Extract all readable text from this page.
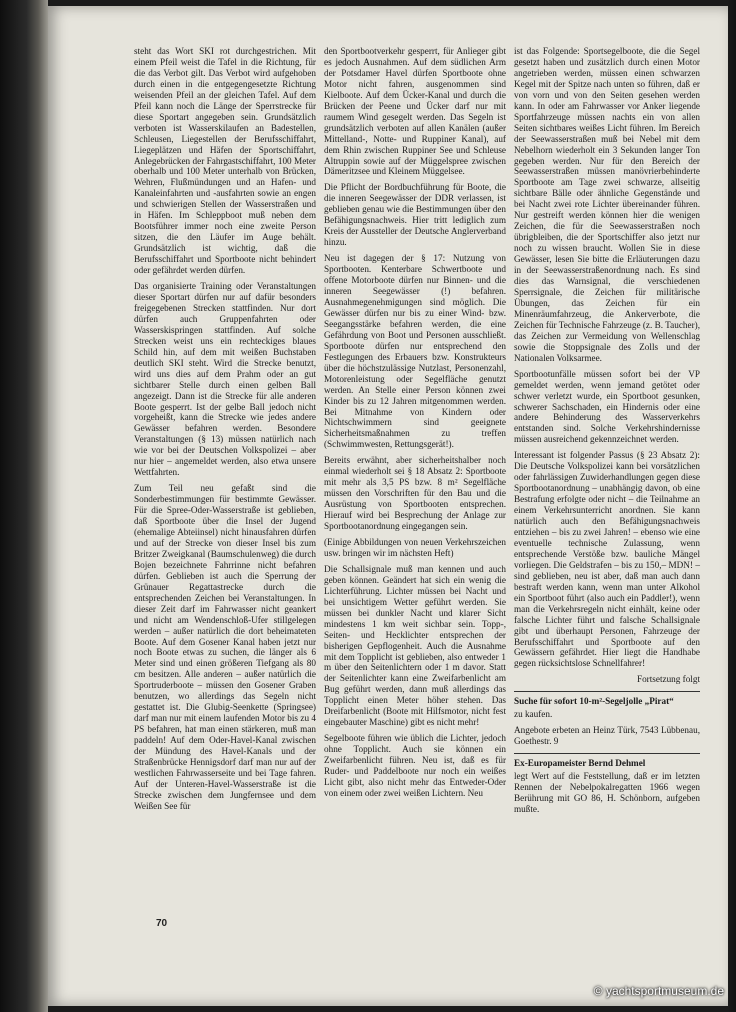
steht das Wort SKI rot durchgestrichen. Mit einem Pfeil weist die Tafel in die Richtung, für die das Verbot gilt. Das Verbot wird aufgehoben durch einen in die entgegengesetzte Richtung weisenden Pfeil an der gleichen Tafel. Auf dem Pfeil kann noch die Länge der Sperrstrecke für diese Sportart angegeben sein. Grundsätzlich verboten ist Wasserskilaufen an Badestellen, Schleusen, Liegestellen der Berufsschiffahrt, Liegeplätzen und Häfen der Sportschiffahrt, Anlegebrücken der Fahrgastschiffahrt, 100 Meter oberhalb und 100 Meter unterhalb von Brücken, Wehren, Flußmündungen und an Hafen- und Kanaleinfahrten und -ausfahrten sowie an engen und schwierigen Stellen der Wasserstraßen und in Häfen. Im Schleppboot muß neben dem Bootsführer immer noch eine zweite Person sitzen, die den Läufer im Auge behält. Grundsätzlich ist wichtig, daß die Berufsschiffahrt und Sportboote nicht behindert oder gefährdet werden dürfen.

Das organisierte Training oder Veranstaltungen dieser Sportart dürfen nur auf dafür besonders freigegebenen Strecken stattfinden. Nur dort dürfen auch Gruppenfahrten oder Wasserskispringen stattfinden. Auf solche Strecken weist uns ein rechteckiges blaues Schild hin, auf dem mit weißen Buchstaben deutlich SKI steht. Wird die Strecke benutzt, wird uns dies auf dem Prahm oder an gut sichtbarer Stelle durch einen gelben Ball angezeigt. Dann ist die Strecke für alle anderen Boote gesperrt. Ist der gelbe Ball jedoch nicht vorgeheißt, kann die Strecke wie jedes andere Gewässer befahren werden. Besondere Veranstaltungen (§ 13) müssen natürlich nach wie vor bei der Deutschen Volkspolizei – aber nur hier – angemeldet werden, also etwa unsere Wettfahrten.

Zum Teil neu gefaßt sind die Sonderbestimmungen für bestimmte Gewässer. Für die Spree-Oder-Wasserstraße ist geblieben, daß Sportboote über die Insel der Jugend (ehemalige Abteiinsel) nicht hinausfahren dürfen und auf der Strecke von dieser Insel bis zum Britzer Zweigkanal (Baumschulenweg) die durch Bojen bezeichnete Fahrrinne nicht befahren dürfen. Geblieben ist auch die Sperrung der Grünauer Regattastrecke durch die entsprechenden Zeichen bei Veranstaltungen. In dieser Zeit darf im Fahrwasser nicht geankert und nicht am Wendenschloß-Ufer stillgelegen werden – außer natürlich die dort beheimateten Boote. Auf dem Gosener Kanal haben jetzt nur noch Boote etwas zu suchen, die länger als 6 Meter sind und einen größeren Tiefgang als 80 cm besitzen. Alle anderen – außer natürlich die Sportruderboote – müssen den Gosener Graben benutzen, wo allerdings das Segeln nicht gestattet ist. Die Glubig-Seenkette (Springsee) darf man nur mit einem laufenden Motor bis zu 4 PS befahren, hat man einen stärkeren, muß man paddeln! Auf dem Oder-Havel-Kanal zwischen der Mündung des Havel-Kanals und der Straßenbrücke Hennigsdorf darf man nur auf der westlichen Fahrwasserseite und bei Tage fahren. Auf der Unteren-Havel-Wasserstraße ist die Strecke zwischen dem Jungfernsee und dem Weißen See für

den Sportbootverkehr gesperrt, für Anlieger gibt es jedoch Ausnahmen. Auf dem südlichen Arm der Potsdamer Havel dürfen Sportboote ohne Motor nicht fahren, ausgenommen sind Kielboote. Auf dem Ücker-Kanal und durch die Brücken der Peene und Ücker darf nur mit raumem Wind gesegelt werden. Das Segeln ist grundsätzlich verboten auf allen Kanälen (außer Mittelland-, Notte- und Ruppiner Kanal), auf dem Rhin zwischen Ruppiner See und Schleuse Altruppin sowie auf der Müggelspree zwischen Dämeritzsee und Kleinem Müggelsee.

Die Pflicht der Bordbuchführung für Boote, die die inneren Seegewässer der DDR verlassen, ist geblieben genau wie die Bestimmungen über den Befähigungsnachweis. Hier tritt lediglich zum Kreis der Aussteller der Deutsche Anglerverband hinzu.

Neu ist dagegen der § 17: Nutzung von Sportbooten. Kenterbare Schwertboote und offene Motorboote dürfen nur Binnen- und die inneren Seegewässer (!) befahren. Ausnahmegenehmigungen sind möglich. Die Gewässer dürfen nur bis zu einer Wind- bzw. Seegangsstärke befahren werden, die eine Gefährdung von Boot und Personen ausschließt. Sportboote dürfen nur entsprechend den Festlegungen des Erbauers bzw. Konstrukteurs über die höchstzulässige Nutzlast, Personenzahl, Motorenleistung oder Segelfläche genutzt werden. An Stelle einer Person können zwei Kinder bis zu 12 Jahren mitgenommen werden. Bei Mitnahme von Kindern oder Nichtschwimmern sind geeignete Sicherheitsmaßnahmen zu treffen (Schwimmwesten, Rettungsgerät!).

Bereits erwähnt, aber sicherheitshalber noch einmal wiederholt sei § 18 Absatz 2: Sportboote mit mehr als 3,5 PS bzw. 8 m² Segelfläche müssen den Vorschriften für den Bau und die Ausrüstung von Sportbooten entsprechen. Hierauf wird bei Besprechung der Anlage zur Sportbootanordnung eingegangen sein.

(Einige Abbildungen von neuen Verkehrszeichen usw. bringen wir im nächsten Heft)

Die Schallsignale muß man kennen und auch geben können. Geändert hat sich ein wenig die Lichterführung. Lichter müssen bei Nacht und bei unsichtigem Wetter geführt werden. Sie müssen bei dunkler Nacht und klarer Sicht mindestens 1 km weit sichbar sein. Topp-, Seiten- und Hecklichter entsprechen der bisherigen Gepflogenheit. Auch die Ausnahme mit dem Topplicht ist geblieben, also entweder 1 m über den Seitenlichtern oder 1 m davor. Statt der Seitenlichter kann eine Zweifarbenlicht am Bug geführt werden, dann muß allerdings das Topplicht einen Meter höher stehen. Das Dreifarbenlicht (Boote mit Hilfsmotor, nicht fest eingebauter Maschine) gibt es nicht mehr!

Segelboote führen wie üblich die Lichter, jedoch ohne Topplicht. Auch sie können ein Zweifarbenlicht führen. Neu ist, daß es für Ruder- und Paddelboote nur noch ein weißes Licht gibt, also nicht mehr das Entweder-Oder von einem oder zwei weißen Lichtern. Neu

ist das Folgende: Sportsegelboote, die die Segel gesetzt haben und zusätzlich durch einen Motor angetrieben werden, müssen einen schwarzen Kegel mit der Spitze nach unten so führen, daß er von vorn und von den Seiten gesehen werden kann. In oder am Fahrwasser vor Anker liegende Sportfahrzeuge müssen nachts ein von allen Seiten sichtbares weißes Licht führen. Im Bereich der Seewasserstraßen muß bei Nebel mit dem Nebelhorn wiederholt ein 3 Sekunden langer Ton gegeben werden. Nur für den Bereich der Seewasserstraßen müssen manövrierbehinderte Sportboote am Tage zwei schwarze, allseitig sichtbare Bälle oder ähnliche Gegenstände und bei Nacht zwei rote Lichter übereinander führen. Nur gestreift werden können hier die wenigen Zeichen, die für die Seewasserstraßen noch übrigbleiben, die der Sportschiffer also jetzt nur noch zu wissen braucht. Wollen Sie in diese Gewässer, lesen Sie bitte die Erläuterungen dazu in der Seewasserstraßenordnung nach. Es sind dies das Warnsignal, die verschiedenen Sperrsignale, die Zeichen für militärische Übungen, das Zeichen für ein Minenräumfahrzeug, die Ankerverbote, die Zeichen für Technische Fahrzeuge (z. B. Taucher), das Zeichen zur Vermeidung von Wellenschlag sowie die Stoppsignale des Zolls und der Nationalen Volksarmee.

Sportbootunfälle müssen sofort bei der VP gemeldet werden, wenn jemand getötet oder schwer verletzt wurde, ein Sportboot gesunken, schwerer Sachschaden, ein Hindernis oder eine andere Behinderung des Wasserverkehrs entstanden sind. Solche Verkehrshindernisse müssen ausreichend gekennzeichnet werden.

Interessant ist folgender Passus (§ 23 Absatz 2): Die Deutsche Volkspolizei kann bei vorsätzlichen oder fahrlässigen Zuwiderhandlungen gegen diese Sportbootanordnung – unabhängig davon, ob eine Bestrafung erfolgte oder nicht – die Teilnahme an einem Verkehrsunterricht anordnen. Sie kann natürlich auch den Befähigungsnachweis entziehen – bis zu zwei Jahren! – ebenso wie eine eventuelle technische Zulassung, wenn entsprechende Verstöße bzw. bauliche Mängel vorliegen. Die Geldstrafen – bis zu 150,– MDN! – sind geblieben, neu ist aber, daß man auch dann bestraft werden kann, wenn man unter Alkohol ein Sportboot führt (also auch ein Paddler!), wenn man die Verkehrsregeln nicht einhält, keine oder falsche Lichter führt und falsche Schallsignale gibt und überhaupt Personen, Fahrzeuge der Berufsschiffahrt und Sportboote auf den Gewässern gefährdet. Hier liegt die Handhabe gegen rücksichtslose Schnellfahrer!

Fortsetzung folgt

Suche für sofort 10-m²-Segeljolle „Pirat“

zu kaufen.

Angebote erbeten an Heinz Türk, 7543 Lübbenau, Goethestr. 9

Ex-Europameister Bernd Dehmel

legt Wert auf die Feststellung, daß er im letzten Rennen der Nebelpokalregatten 1966 wegen Berührung mit GO 86, H. Schönborn, aufgeben mußte.

70
© yachtsportmuseum.de
